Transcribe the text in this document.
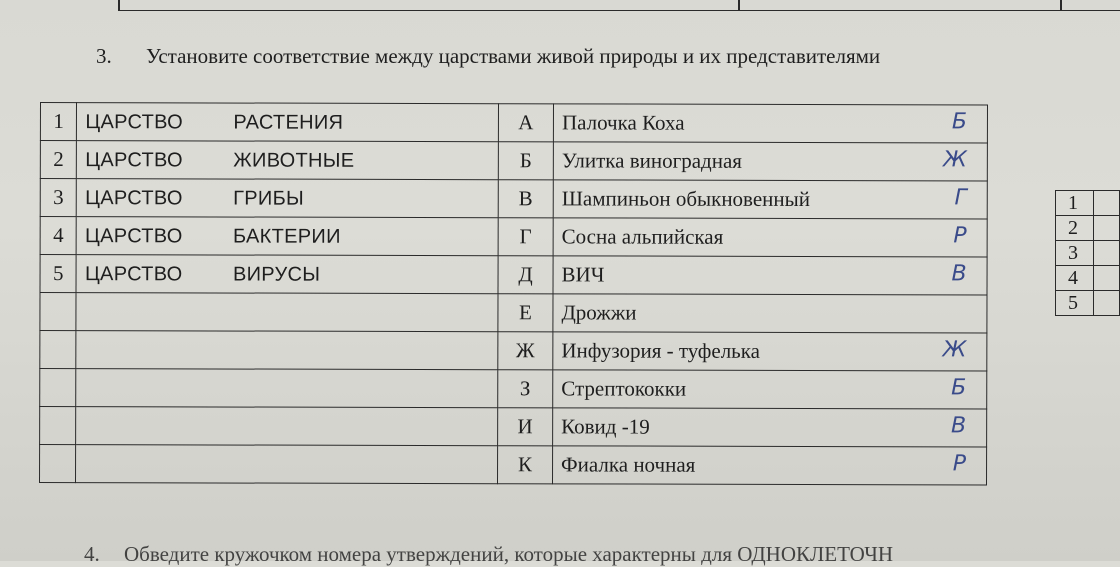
3. Установите соответствие между царствами живой природы и их представителями
1	ЦАРСТВО РАСТЕНИЯ	А	Палочка Коха Б

2	ЦАРСТВО ЖИВОТНЫЕ	Б	Улитка виноградная Ж

3	ЦАРСТВО ГРИБЫ	В	Шампиньон обыкновенный Г

4	ЦАРСТВО БАКТЕРИИ	Г	Сосна альпийская Р

5	ЦАРСТВО ВИРУСЫ	Д	ВИЧ В

		Е	Дрожжи
		Ж	Инфузория - туфелька Ж

		З	Стрептококки Б

		И	Ковид -19 В

		К	Фиалка ночная Р
1	
2	
3	
4	
5	
4. Обведите кружочком номера утверждений, которые характерны для ОДНОКЛЕТОЧН
